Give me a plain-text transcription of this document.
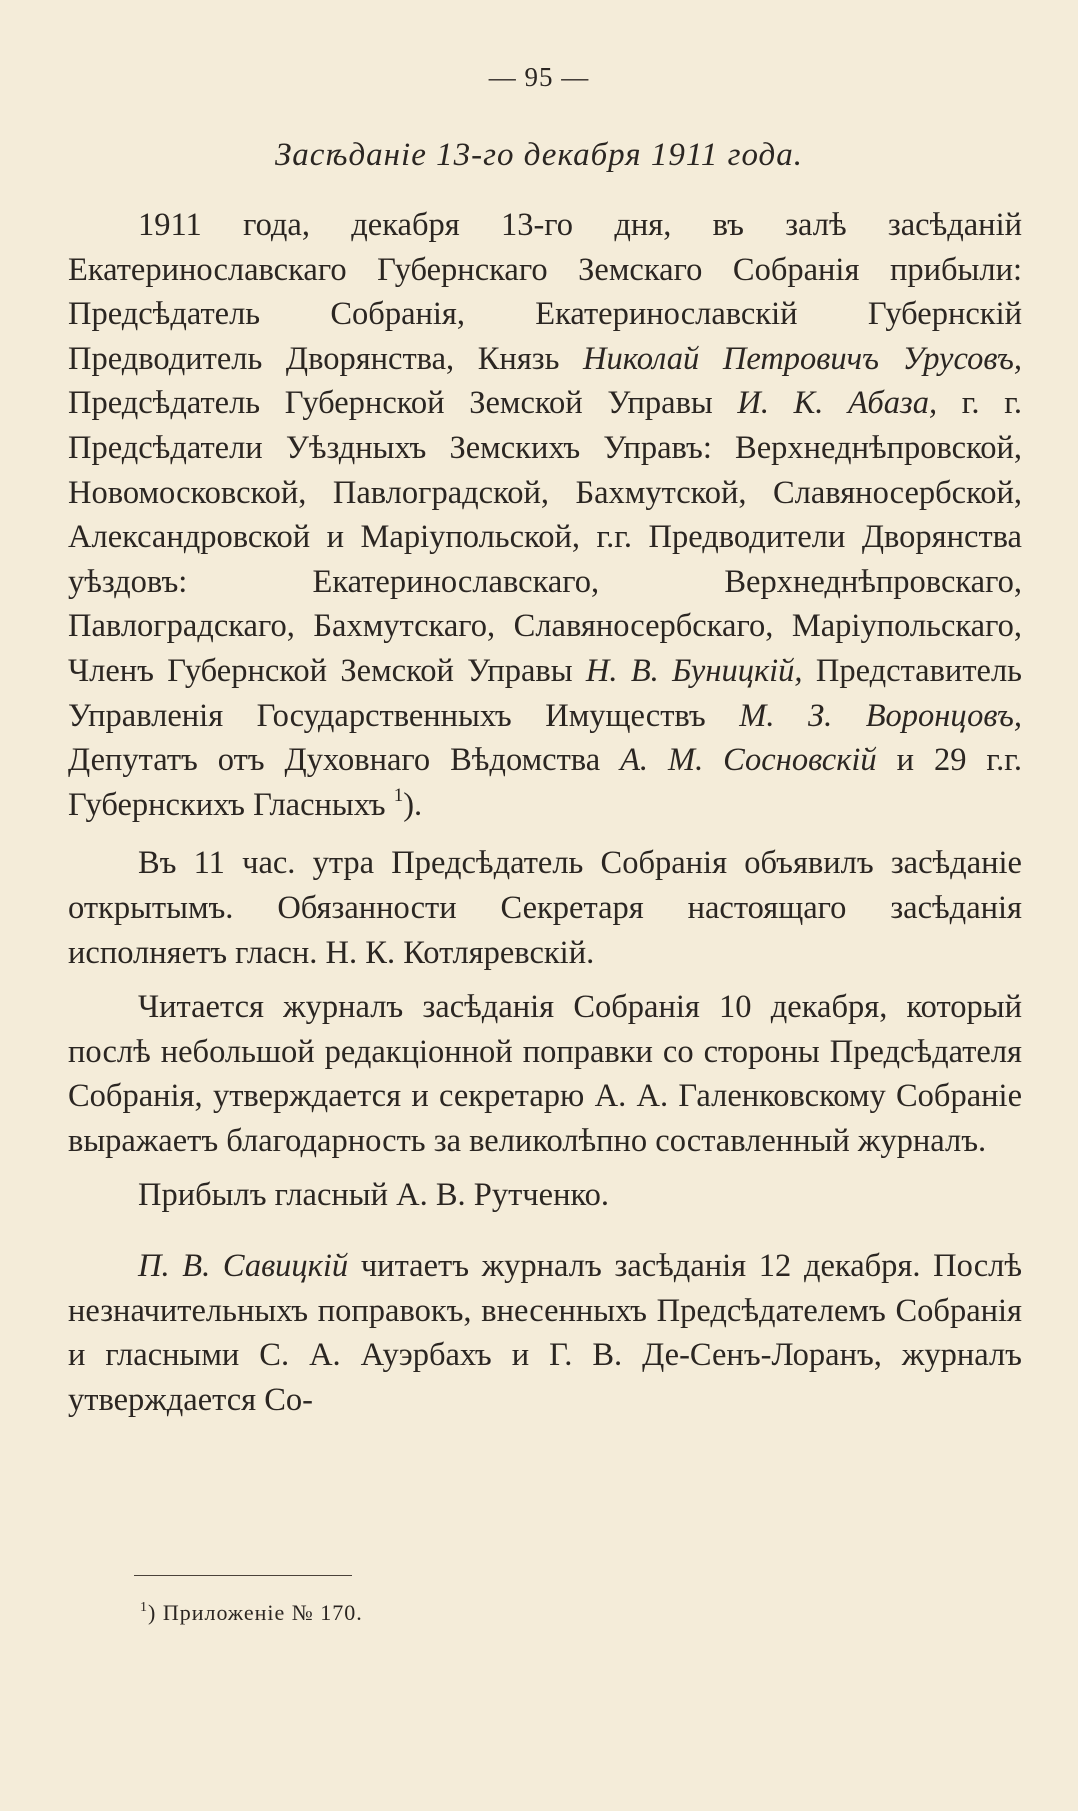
— 95 —
Засѣданіе 13-го декабря 1911 года.

1911 года, декабря 13-го дня, въ залѣ засѣданій Екатеринославскаго Губернскаго Земскаго Собранія прибыли: Предсѣдатель Собранія, Екатеринославскій Губернскій Предводитель Дворянства, Князь Николай Петровичъ Урусовъ, Предсѣдатель Губернской Земской Управы И. К. Абаза, г. г. Предсѣдатели Уѣздныхъ Земскихъ Управъ: Верхнеднѣпровской, Новомосковской, Павлоградской, Бахмутской, Славяносербской, Александровской и Маріупольской, г.г. Предводители Дворянства уѣздовъ: Екатеринославскаго, Верхнеднѣпровскаго, Павлоградскаго, Бахмутскаго, Славяносербскаго, Маріупольскаго, Членъ Губернской Земской Управы Н. В. Буницкій, Представитель Управленія Государственныхъ Имуществъ М. З. Воронцовъ, Депутатъ отъ Духовнаго Вѣдомства А. М. Сосновскій и 29 г.г. Губернскихъ Гласныхъ $^1$).

Въ 11 час. утра Предсѣдатель Собранія объявилъ засѣданіе открытымъ. Обязанности Секретаря настоящаго засѣданія исполняетъ гласн. Н. К. Котляревскій.

Читается журналъ засѣданія Собранія 10 декабря, который послѣ небольшой редакціонной поправки со стороны Предсѣдателя Собранія, утверждается и секретарю А. А. Галенковскому Собраніе выражаетъ благодарность за великолѣпно составленный журналъ.

Прибылъ гласный А. В. Рутченко.

П. В. Савицкій читаетъ журналъ засѣданія 12 декабря. Послѣ незначительныхъ поправокъ, внесенныхъ Предсѣдателемъ Собранія и гласными С. А. Ауэрбахъ и Г. В. Де-Сенъ-Лоранъ, журналъ утверждается Со-

$^1$) Приложеніе № 170.
